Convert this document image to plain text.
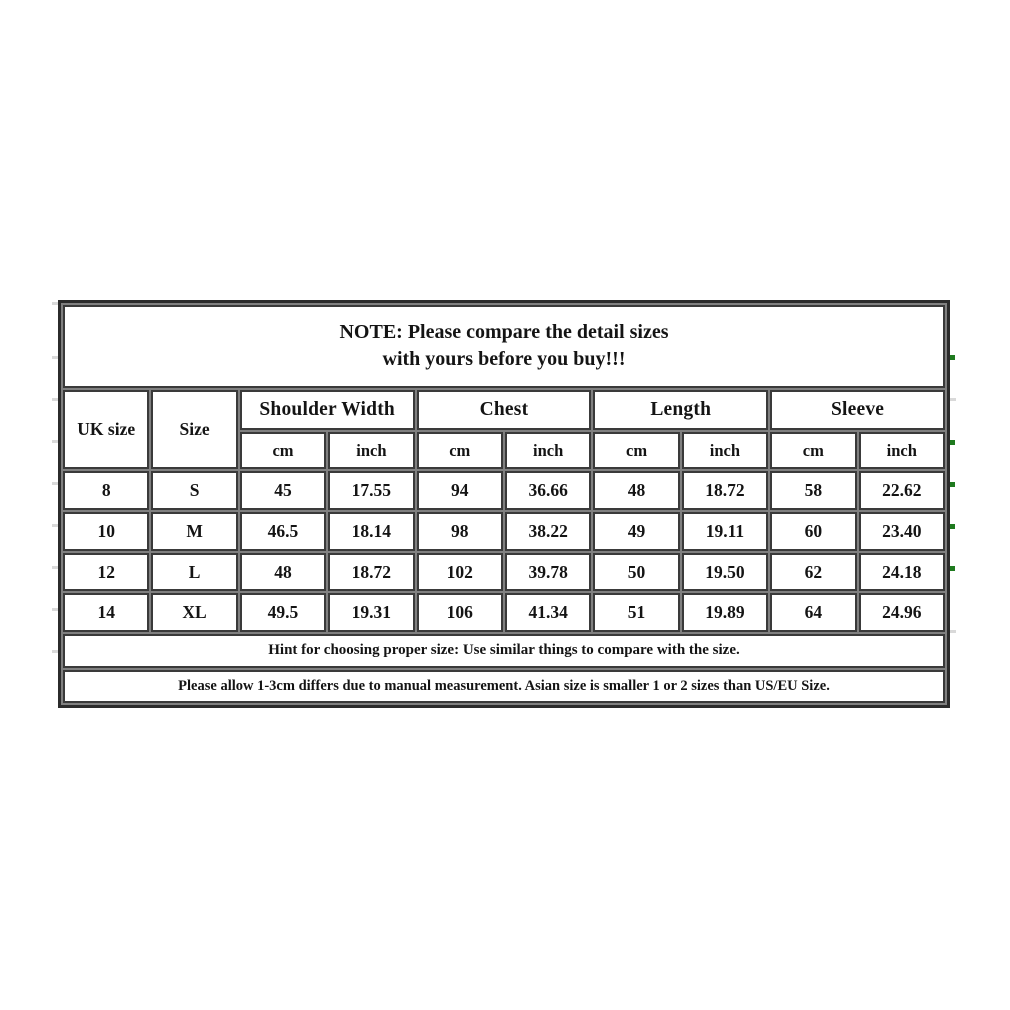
NOTE: Please compare the detail sizes
with yours before you buy!!!									

UK size	Size	Shoulder Width		Chest		Length		Sleeve	
		cm	inch	cm	inch	cm	inch	cm	inch
8	S	45	17.55	94	36.66	48	18.72	58	22.62
10	M	46.5	18.14	98	38.22	49	19.11	60	23.40
12	L	48	18.72	102	39.78	50	19.50	62	24.18
14	XL	49.5	19.31	106	41.34	51	19.89	64	24.96
Hint for choosing proper size: Use similar things to compare with the size.									
Please allow 1-3cm differs due to manual measurement. Asian size is smaller 1 or 2 sizes than US/EU Size.									
